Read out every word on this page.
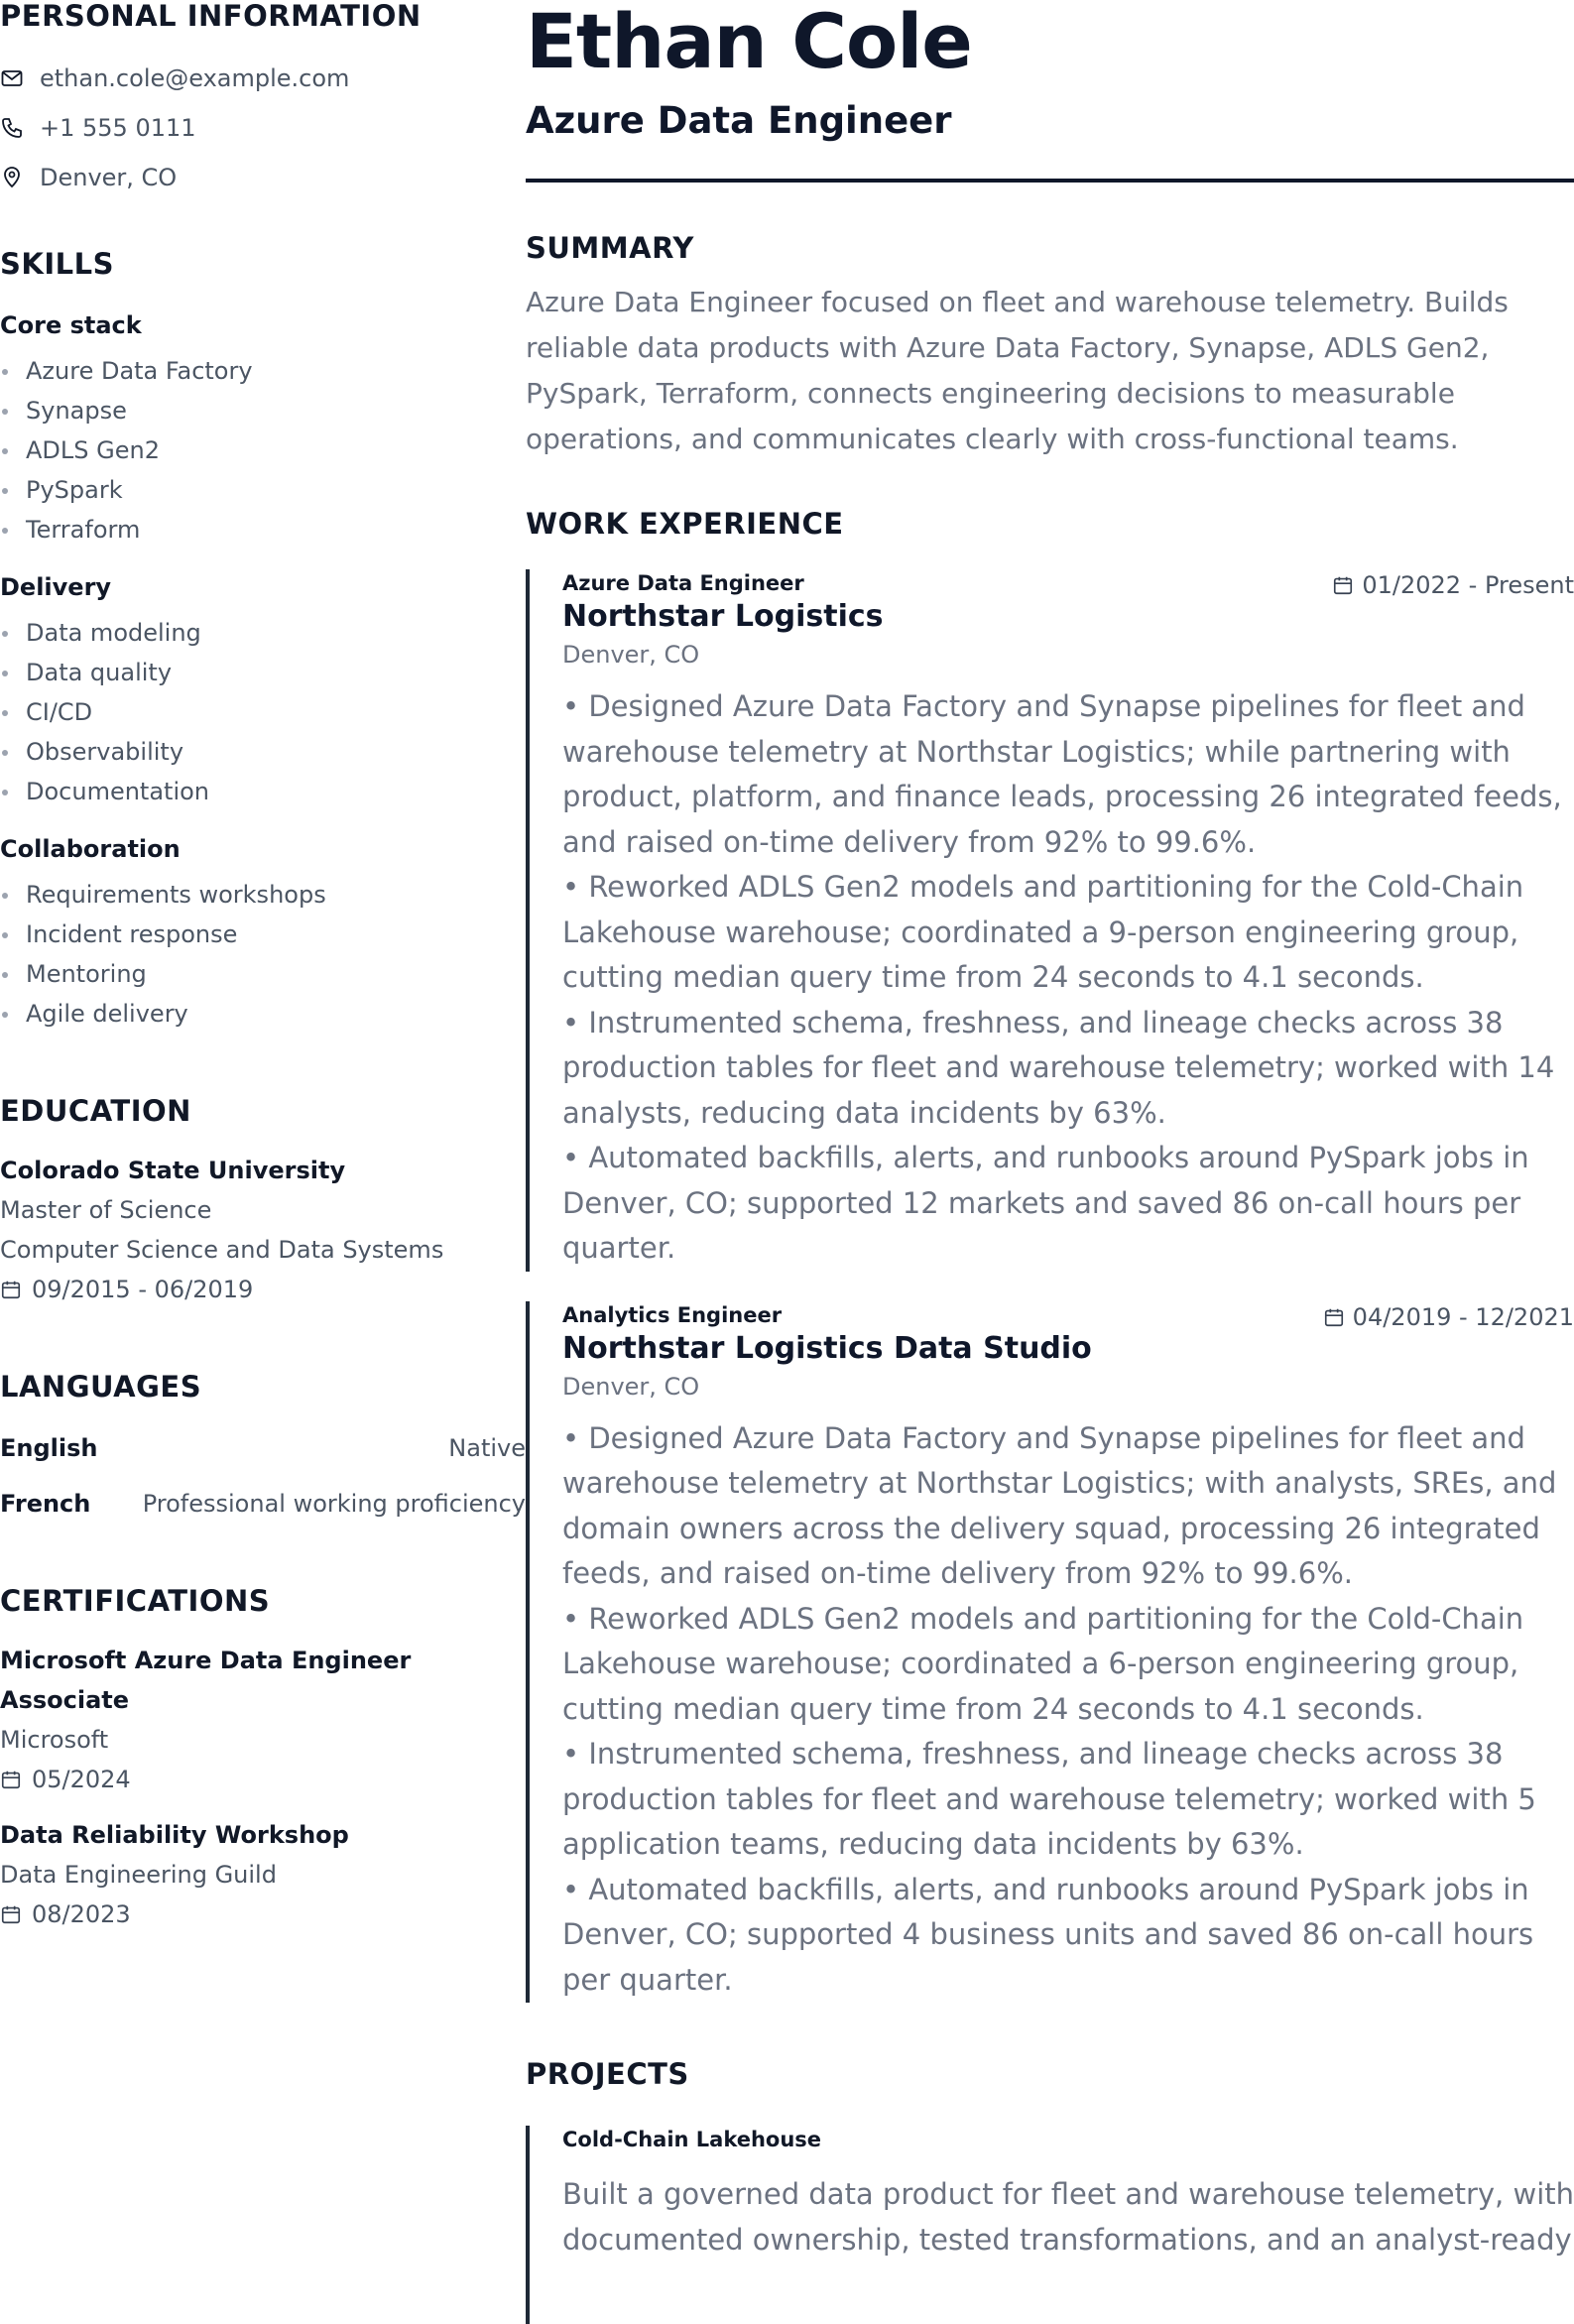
PERSONAL INFORMATION
ethan.cole@example.com
+1 555 0111
Denver, CO
SKILLS
Core stack
Azure Data Factory
Synapse
ADLS Gen2
PySpark
Terraform
Delivery
Data modeling
Data quality
CI/CD
Observability
Documentation
Collaboration
Requirements workshops
Incident response
Mentoring
Agile delivery
EDUCATION
Colorado State University
Master of Science
Computer Science and Data Systems
09/2015 - 06/2019
LANGUAGES
English	Native
French Professional working proficiency
CERTIFICATIONS
Microsoft Azure Data Engineer Associate
Microsoft
05/2024
Data Reliability Workshop
Data Engineering Guild
08/2023
Ethan Cole
Azure Data Engineer
SUMMARY

Azure Data Engineer focused on fleet and warehouse telemetry. Builds reliable data products with Azure Data Factory, Synapse, ADLS Gen2, PySpark, Terraform, connects engineering decisions to measurable operations, and communicates clearly with cross-functional teams.

WORK EXPERIENCE
Azure Data Engineer	01/2022 - Present
Northstar Logistics
Denver, CO
• Designed Azure Data Factory and Synapse pipelines for fleet and warehouse telemetry at Northstar Logistics; while partnering with product, platform, and finance leads, processing 26 integrated feeds, and raised on-time delivery from 92% to 99.6%.
• Reworked ADLS Gen2 models and partitioning for the Cold-Chain Lakehouse warehouse; coordinated a 9-person engineering group, cutting median query time from 24 seconds to 4.1 seconds.
• Instrumented schema, freshness, and lineage checks across 38 production tables for fleet and warehouse telemetry; worked with 14 analysts, reducing data incidents by 63%.
• Automated backfills, alerts, and runbooks around PySpark jobs in Denver, CO; supported 12 markets and saved 86 on-call hours per quarter.
Analytics Engineer	04/2019 - 12/2021
Northstar Logistics Data Studio
Denver, CO
• Designed Azure Data Factory and Synapse pipelines for fleet and warehouse telemetry at Northstar Logistics; with analysts, SREs, and domain owners across the delivery squad, processing 26 integrated feeds, and raised on-time delivery from 92% to 99.6%.
• Reworked ADLS Gen2 models and partitioning for the Cold-Chain Lakehouse warehouse; coordinated a 6-person engineering group, cutting median query time from 24 seconds to 4.1 seconds.
• Instrumented schema, freshness, and lineage checks across 38 production tables for fleet and warehouse telemetry; worked with 5 application teams, reducing data incidents by 63%.
• Automated backfills, alerts, and runbooks around PySpark jobs in Denver, CO; supported 4 business units and saved 86 on-call hours per quarter.
PROJECTS
Cold-Chain Lakehouse

Built a governed data product for fleet and warehouse telemetry, with documented ownership, tested transformations, and an analyst-ready
